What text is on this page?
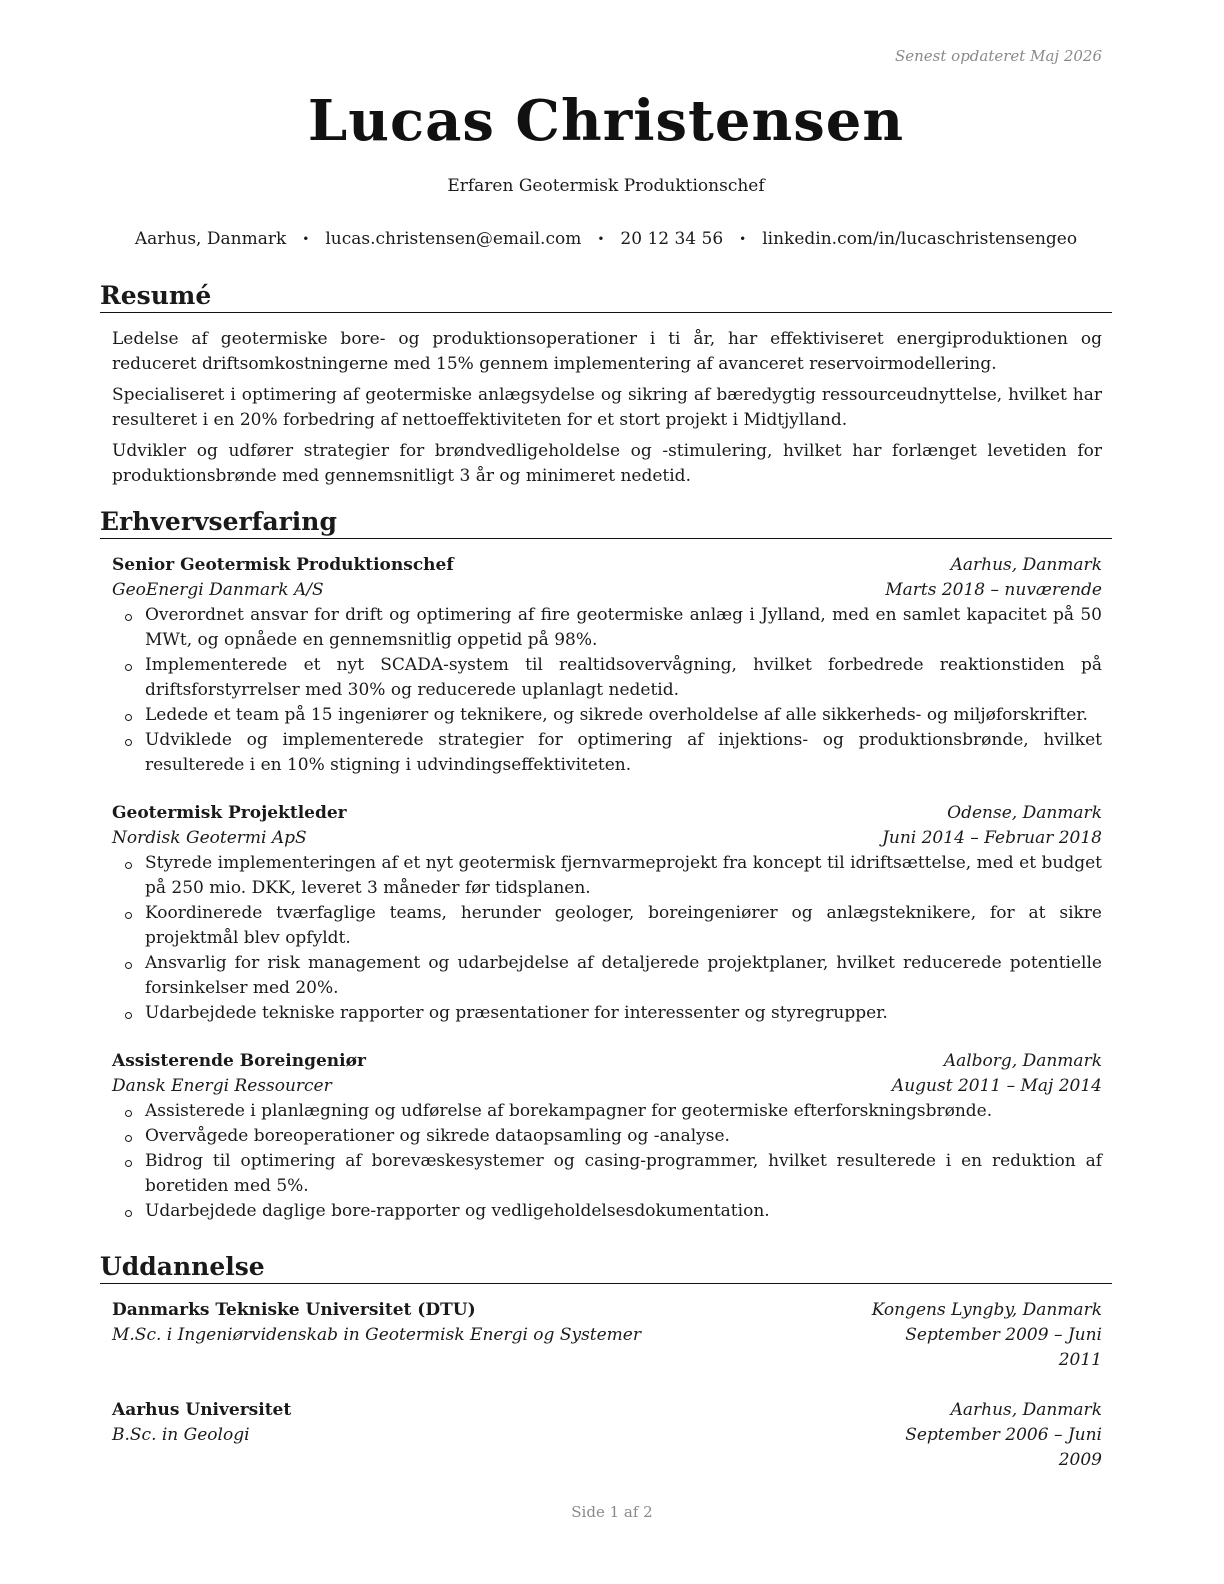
Senest opdateret Maj 2026
Lucas Christensen
Erfaren Geotermisk Produktionschef
Aarhus, Danmark • lucas.christensen@email.com • 20 12 34 56 • linkedin.com/in/lucaschristensengeo
Resumé

Ledelse af geotermiske bore- og produktionsoperationer i ti år, har effektiviseret energiproduktionen og reduceret driftsomkostningerne med 15% gennem implementering af avanceret reservoirmodellering.

Specialiseret i optimering af geotermiske anlægsydelse og sikring af bæredygtig ressourceudnyttelse, hvilket har resulteret i en 20% forbedring af nettoeffektiviteten for et stort projekt i Midtjylland.

Udvikler og udfører strategier for brøndvedligeholdelse og -stimulering, hvilket har forlænget levetiden for produktionsbrønde med gennemsnitligt 3 år og minimeret nedetid.

Erhvervserfaring
Senior Geotermisk Produktionschef	Aarhus, Danmark
GeoEnergi Danmark A/S	Marts 2018 – nuværende
Overordnet ansvar for drift og optimering af fire geotermiske anlæg i Jylland, med en samlet kapacitet på 50 MWt, og opnåede en gennemsnitlig oppetid på 98%.
Implementerede et nyt SCADA-system til realtidsovervågning, hvilket forbedrede reaktionstiden på driftsforstyrrelser med 30% og reducerede uplanlagt nedetid.
Ledede et team på 15 ingeniører og teknikere, og sikrede overholdelse af alle sikkerheds- og miljøforskrifter.
Udviklede og implementerede strategier for optimering af injektions- og produktionsbrønde, hvilket resulterede i en 10% stigning i udvindingseffektiviteten.
Geotermisk Projektleder	Odense, Danmark
Nordisk Geotermi ApS	Juni 2014 – Februar 2018
Styrede implementeringen af et nyt geotermisk fjernvarmeprojekt fra koncept til idriftsættelse, med et budget på 250 mio. DKK, leveret 3 måneder før tidsplanen.
Koordinerede tværfaglige teams, herunder geologer, boreingeniører og anlægsteknikere, for at sikre projektmål blev opfyldt.
Ansvarlig for risk management og udarbejdelse af detaljerede projektplaner, hvilket reducerede potentielle forsinkelser med 20%.
Udarbejdede tekniske rapporter og præsentationer for interessenter og styregrupper.
Assisterende Boreingeniør	Aalborg, Danmark
Dansk Energi Ressourcer	August 2011 – Maj 2014
Assisterede i planlægning og udførelse af borekampagner for geotermiske efterforskningsbrønde.
Overvågede boreoperationer og sikrede dataopsamling og -analyse.
Bidrog til optimering af borevæskesystemer og casing-programmer, hvilket resulterede i en reduktion af boretiden med 5%.
Udarbejdede daglige bore-rapporter og vedligeholdelsesdokumentation.
Uddannelse
Danmarks Tekniske Universitet (DTU)	Kongens Lyngby, Danmark
M.Sc. i Ingeniørvidenskab in Geotermisk Energi og Systemer	September 2009 – Juni 2011
Aarhus Universitet	Aarhus, Danmark
B.Sc. in Geologi	September 2006 – Juni 2009
Side 1 af 2
